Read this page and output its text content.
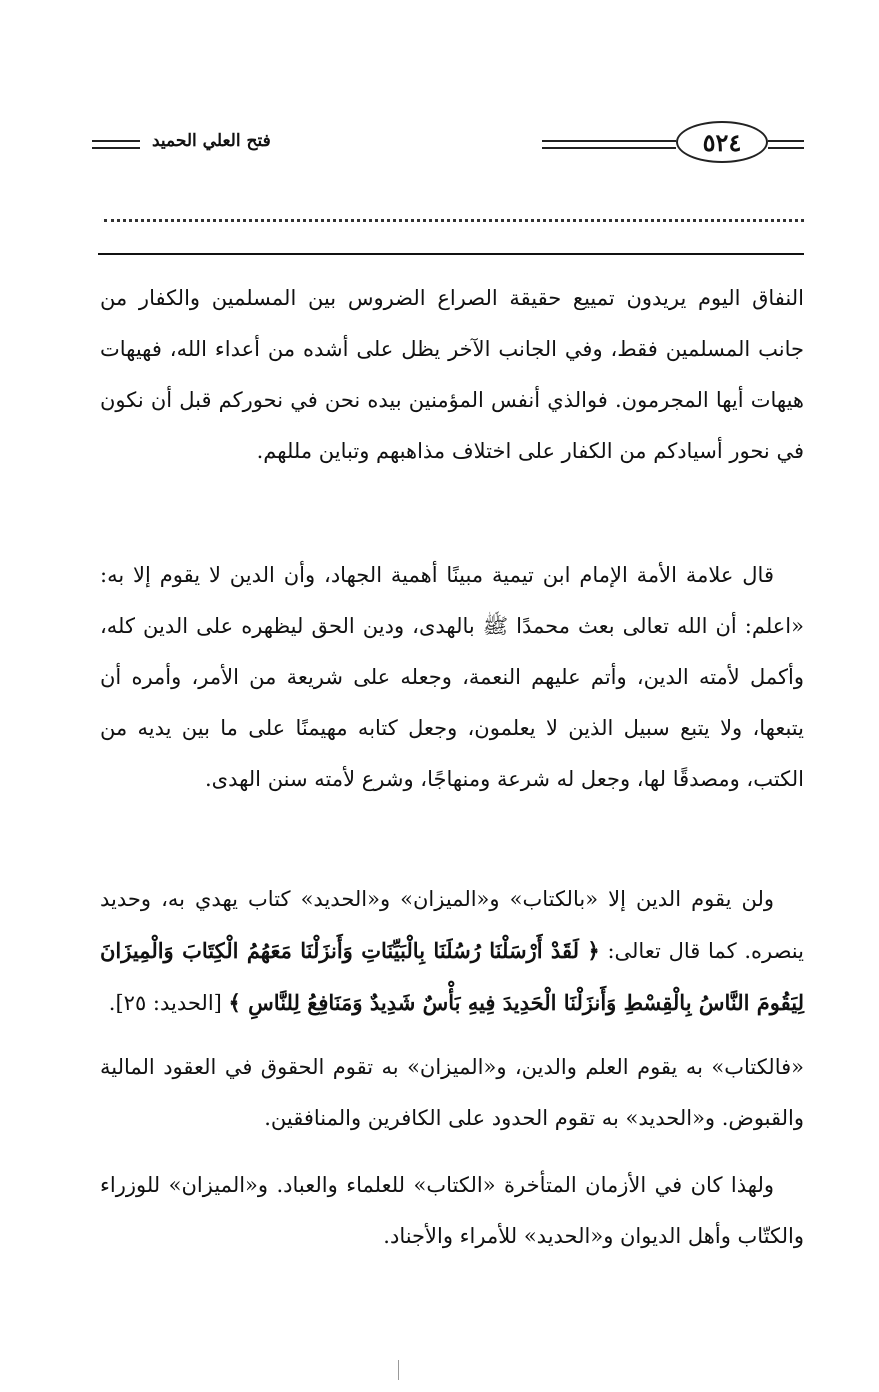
فتح العلي الحميد	٥٢٤

النفاق اليوم يريدون تمييع حقيقة الصراع الضروس بين المسلمين والكفار من جانب المسلمين فقط، وفي الجانب الآخر يظل على أشده من أعداء الله، فهيهات هيهات أيها المجرمون. فوالذي أنفس المؤمنين بيده نحن في نحوركم قبل أن نكون في نحور أسيادكم من الكفار على اختلاف مذاهبهم وتباين مللهم.

قال علامة الأمة الإمام ابن تيمية مبينًا أهمية الجهاد، وأن الدين لا يقوم إلا به: «اعلم: أن الله تعالى بعث محمدًا ﷺ بالهدى، ودين الحق ليظهره على الدين كله، وأكمل لأمته الدين، وأتم عليهم النعمة، وجعله على شريعة من الأمر، وأمره أن يتبعها، ولا يتبع سبيل الذين لا يعلمون، وجعل كتابه مهيمنًا على ما بين يديه من الكتب، ومصدقًا لها، وجعل له شرعة ومنهاجًا، وشرع لأمته سنن الهدى.

ولن يقوم الدين إلا «بالكتاب» و«الميزان» و«الحديد» كتاب يهدي به، وحديد ينصره. كما قال تعالى: ﴿ لَقَدْ أَرْسَلْنَا رُسُلَنَا بِالْبَيِّنَاتِ وَأَنزَلْنَا مَعَهُمُ الْكِتَابَ وَالْمِيزَانَ لِيَقُومَ النَّاسُ بِالْقِسْطِ وَأَنزَلْنَا الْحَدِيدَ فِيهِ بَأْسٌ شَدِيدٌ وَمَنَافِعُ لِلنَّاسِ ﴾ [الحديد: ٢٥].

«فالكتاب» به يقوم العلم والدين، و«الميزان» به تقوم الحقوق في العقود المالية والقبوض. و«الحديد» به تقوم الحدود على الكافرين والمنافقين.

ولهذا كان في الأزمان المتأخرة «الكتاب» للعلماء والعباد. و«الميزان» للوزراء والكتّاب وأهل الديوان و«الحديد» للأمراء والأجناد.
